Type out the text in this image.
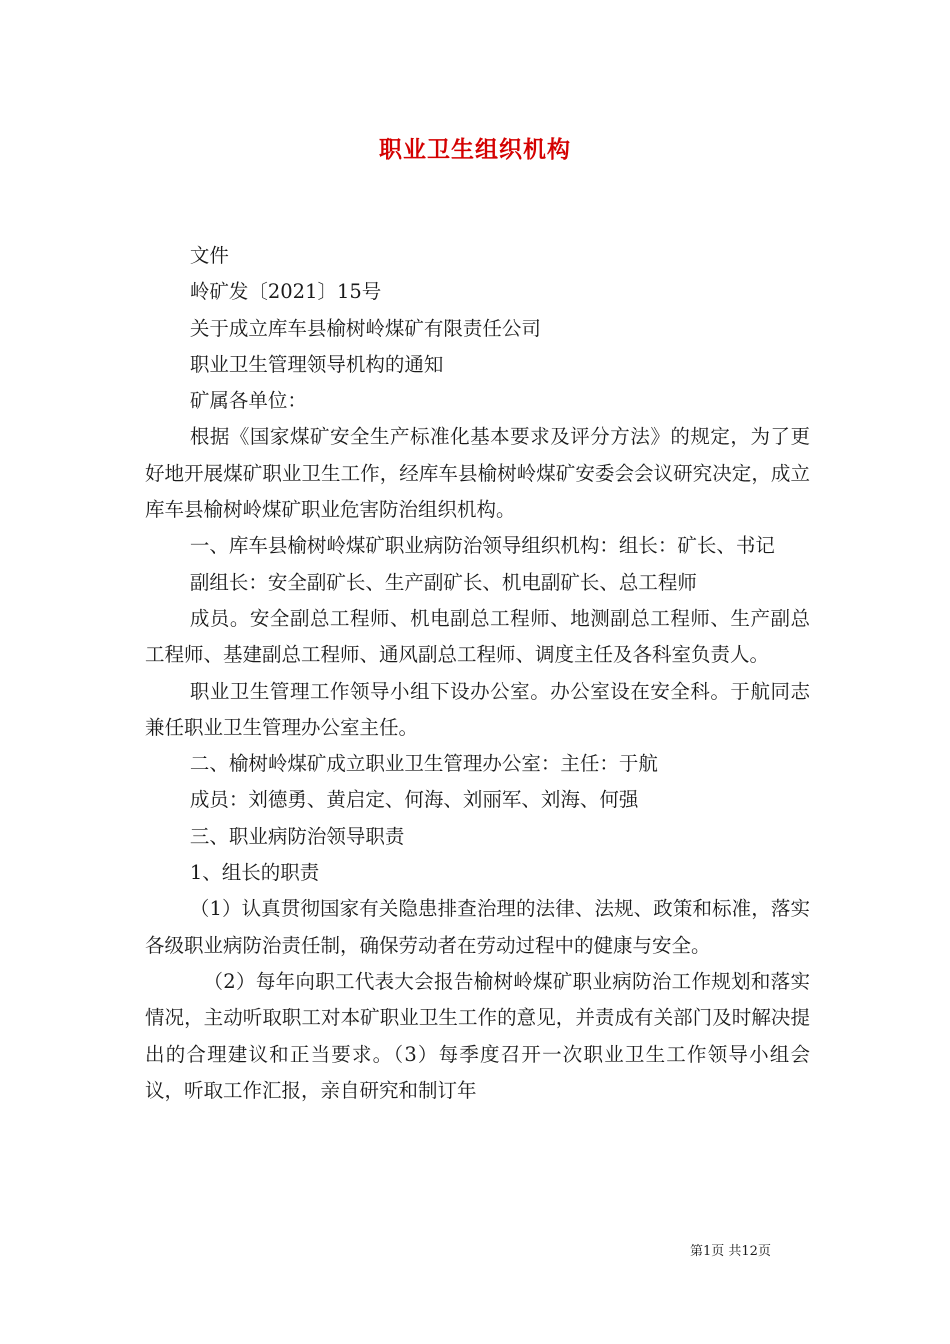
职业卫生组织机构

文件

岭矿发〔2021〕15号

关于成立库车县榆树岭煤矿有限责任公司

职业卫生管理领导机构的通知

矿属各单位：

根据《国家煤矿安全生产标准化基本要求及评分方法》的规定，为了更好地开展煤矿职业卫生工作，经库车县榆树岭煤矿安委会会议研究决定，成立库车县榆树岭煤矿职业危害防治组织机构。

一、库车县榆树岭煤矿职业病防治领导组织机构：组长：矿长、书记

副组长：安全副矿长、生产副矿长、机电副矿长、总工程师

成员。安全副总工程师、机电副总工程师、地测副总工程师、生产副总工程师、基建副总工程师、通风副总工程师、调度主任及各科室负责人。

职业卫生管理工作领导小组下设办公室。办公室设在安全科。于航同志兼任职业卫生管理办公室主任。

二、榆树岭煤矿成立职业卫生管理办公室：主任：于航

成员：刘德勇、黄启定、何海、刘丽军、刘海、何强

三、职业病防治领导职责

1、组长的职责

（1）认真贯彻国家有关隐患排查治理的法律、法规、政策和标准，落实各级职业病防治责任制，确保劳动者在劳动过程中的健康与安全。

（2）每年向职工代表大会报告榆树岭煤矿职业病防治工作规划和落实情况，主动听取职工对本矿职业卫生工作的意见，并责成有关部门及时解决提出的合理建议和正当要求。（3）每季度召开一次职业卫生工作领导小组会议，听取工作汇报，亲自研究和制订年

第1页 共12页
